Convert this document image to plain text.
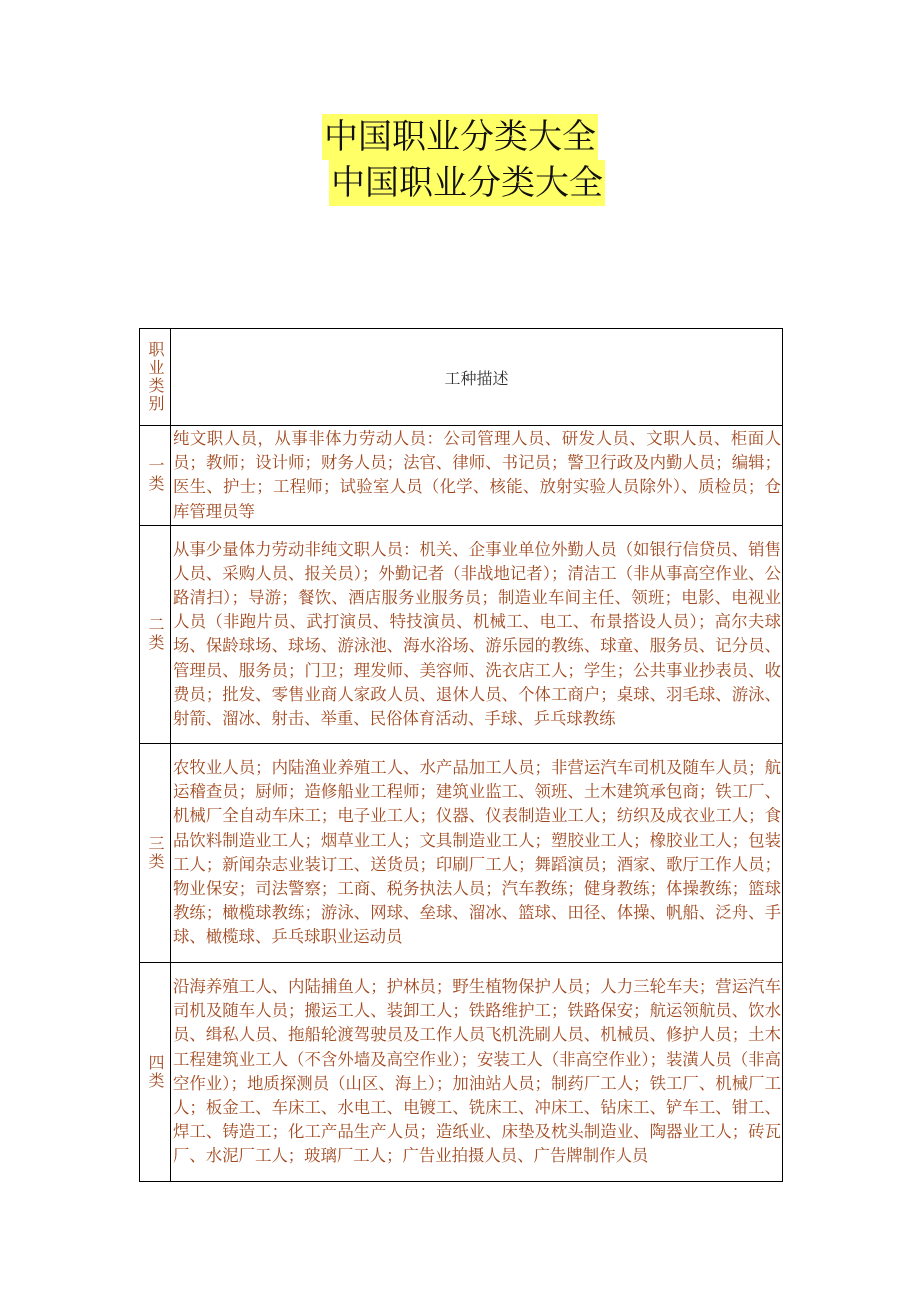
中国职业分类大全
中国职业分类大全
职业类别	工种描述

一类	纯文职人员，从事非体力劳动人员：公司管理人员、研发人员、文职人员、柜面人员；教师；设计师；财务人员；法官、律师、书记员；警卫行政及内勤人员；编辑；医生、护士；工程师；试验室人员（化学、核能、放射实验人员除外）、质检员；仓库管理员等

二类	从事少量体力劳动非纯文职人员：机关、企事业单位外勤人员（如银行信贷员、销售人员、采购人员、报关员）；外勤记者（非战地记者）；清洁工（非从事高空作业、公路清扫）；导游；餐饮、酒店服务业服务员；制造业车间主任、领班；电影、电视业人员（非跑片员、武打演员、特技演员、机械工、电工、布景搭设人员）；高尔夫球场、保龄球场、球场、游泳池、海水浴场、游乐园的教练、球童、服务员、记分员、管理员、服务员；门卫；理发师、美容师、洗衣店工人；学生；公共事业抄表员、收费员；批发、零售业商人家政人员、退休人员、个体工商户；桌球、羽毛球、游泳、射箭、溜冰、射击、举重、民俗体育活动、手球、乒乓球教练

三类	农牧业人员；内陆渔业养殖工人、水产品加工人员；非营运汽车司机及随车人员；航运稽查员；厨师；造修船业工程师；建筑业监工、领班、土木建筑承包商；铁工厂、机械厂全自动车床工；电子业工人；仪器、仪表制造业工人；纺织及成衣业工人；食品饮料制造业工人；烟草业工人；文具制造业工人；塑胶业工人；橡胶业工人；包装工人；新闻杂志业装订工、送货员；印刷厂工人；舞蹈演员；酒家、歌厅工作人员；物业保安；司法警察；工商、税务执法人员；汽车教练；健身教练；体操教练；篮球教练；橄榄球教练；游泳、网球、垒球、溜冰、篮球、田径、体操、帆船、泛舟、手球、橄榄球、乒乓球职业运动员

四类	沿海养殖工人、内陆捕鱼人；护林员；野生植物保护人员；人力三轮车夫；营运汽车司机及随车人员；搬运工人、装卸工人；铁路维护工；铁路保安；航运领航员、饮水员、缉私人员、拖船轮渡驾驶员及工作人员飞机洗刷人员、机械员、修护人员；土木工程建筑业工人（不含外墙及高空作业）；安装工人（非高空作业）；装潢人员（非高空作业）；地质探测员（山区、海上）；加油站人员；制药厂工人；铁工厂、机械厂工人；板金工、车床工、水电工、电镀工、铣床工、冲床工、钻床工、铲车工、钳工、焊工、铸造工；化工产品生产人员；造纸业、床垫及枕头制造业、陶器业工人；砖瓦厂、水泥厂工人；玻璃厂工人；广告业拍摄人员、广告牌制作人员
